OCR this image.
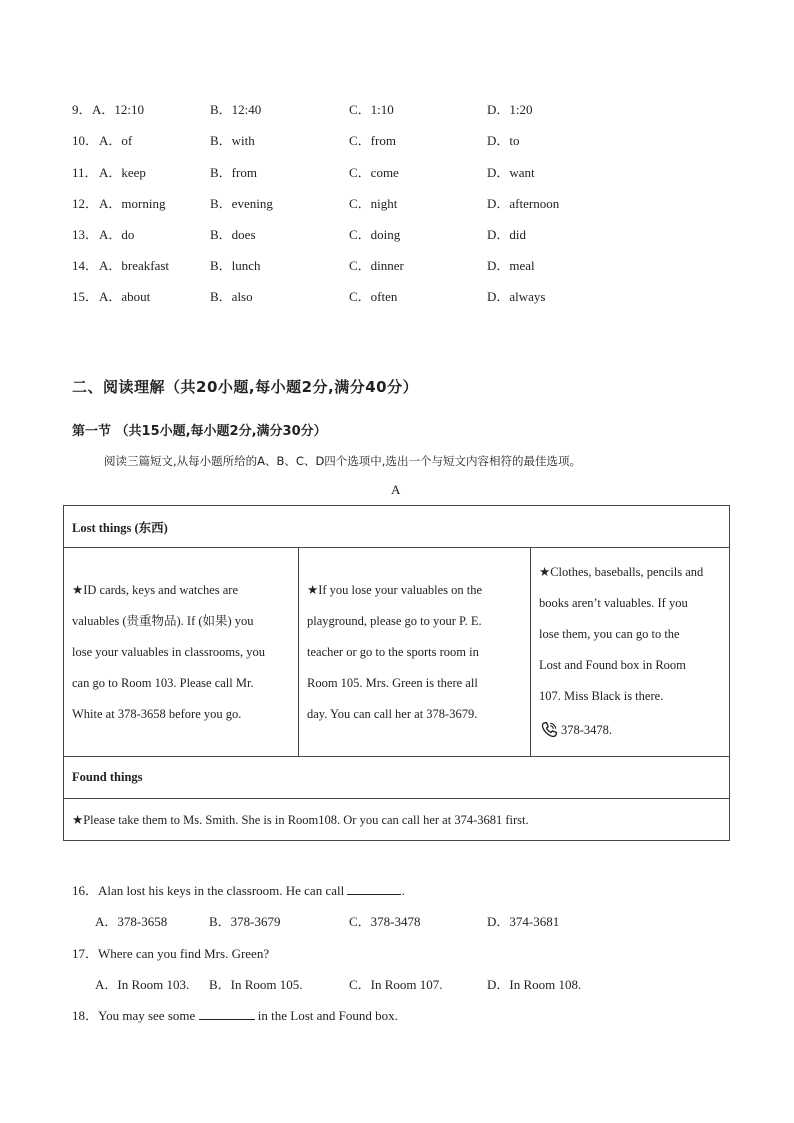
9． A．12:10	B．12:40	C．1:10	D．1:20
10． A．of	B．with	C．from	D．to
11． A．keep	B．from	C．come	D．want
12． A．morning	B．evening	C．night	D．afternoon
13． A．do	B．does	C．doing	D．did
14． A．breakfast	B．lunch	C．dinner	D．meal
15． A．about	B．also	C．often	D．always
二、阅读理解（共20小题,每小题2分,满分40分）
第一节 （共15小题,每小题2分,满分30分）
阅读三篇短文,从每小题所给的A、B、C、D四个选项中,选出一个与短文内容相符的最佳选项。
A
Lost things (东西)

★ID cards, keys and watches are
valuables (贵重物品). If (如果) you
lose your valuables in classrooms, you
can go to Room 103. Please call Mr.
White at 378-3658 before you go.

★If you lose your valuables on the
playground, please go to your P. E.
teacher or go to the sports room in
Room 105. Mrs. Green is there all
day. You can call her at 378-3679.

★Clothes, baseballs, pencils and
books aren’t valuables. If you
lose them, you can go to the
Lost and Found box in Room
107. Miss Black is there.
378-3478.

Found things
★Please take them to Ms. Smith. She is in Room108. Or you can call her at 374-3681 first.
16．Alan lost his keys in the classroom. He can call	.
A．378-3658	B．378-3679	C．378-3478	D．374-3681
17．Where can you find Mrs. Green?
A．In Room 103. B．In Room 105.	C．In Room 107.	D．In Room 108.
18．You may see some	in the Lost and Found box.
